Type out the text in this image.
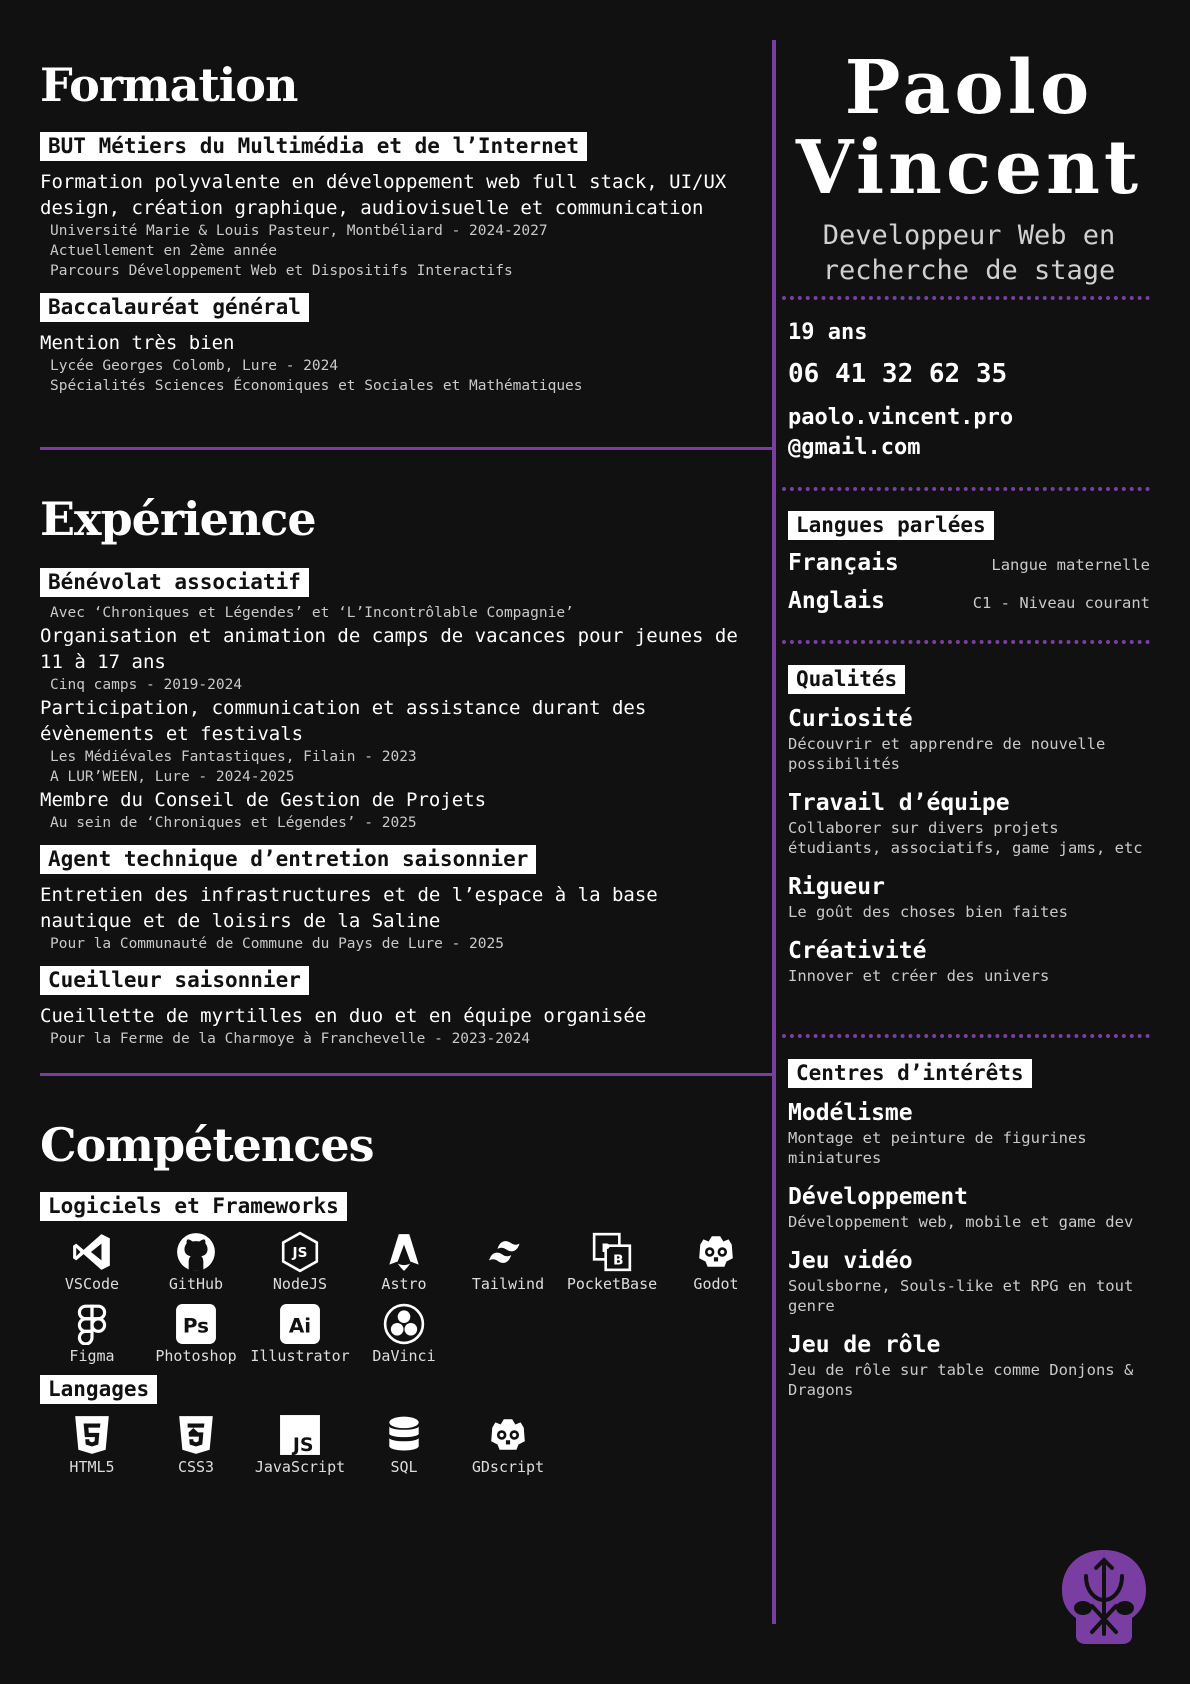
Formation
BUT Métiers du Multimédia et de l’Internet

Formation polyvalente en développement web full stack, UI/UX design, création graphique, audiovisuelle et communication

Université Marie & Louis Pasteur, Montbéliard - 2024-2027

Actuellement en 2ème année

Parcours Développement Web et Dispositifs Interactifs

Baccalauréat général

Mention très bien

Lycée Georges Colomb, Lure - 2024

Spécialités Sciences Économiques et Sociales et Mathématiques

Expérience
Bénévolat associatif

Avec ‘Chroniques et Légendes’ et ‘L’Incontrôlable Compagnie’

Organisation et animation de camps de vacances pour jeunes de 11 à 17 ans

Cinq camps - 2019-2024

Participation, communication et assistance durant des évènements et festivals

Les Médiévales Fantastiques, Filain - 2023

A LUR’WEEN, Lure - 2024-2025

Membre du Conseil de Gestion de Projets

Au sein de ‘Chroniques et Légendes’ - 2025

Agent technique d’entretion saisonnier

Entretien des infrastructures et de l’espace à la base nautique et de loisirs de la Saline

Pour la Communauté de Commune du Pays de Lure - 2025

Cueilleur saisonnier

Cueillette de myrtilles en duo et en équipe organisée

Pour la Ferme de la Charmoye à Franchevelle - 2023-2024

Compétences
Logiciels et Frameworks
VSCode	GitHub
JS
NodeJS	Astro	Tailwind
P
B
PocketBase Godot
Figma
Ps
Photoshop
Ai
Illustrator DaVinci
Langages
HTML5	CSS3
JS
JavaScript	SQL	GDscript
Paolo
Vincent

Developpeur Web en recherche de stage

19 ans

06 41 32 62 35

paolo.vincent.pro

@gmail.com

Langues parlées
Français	Langue maternelle
Anglais	C1 - Niveau courant
Qualités

Curiosité

Découvrir et apprendre de nouvelle possibilités

Travail d’équipe

Collaborer sur divers projets étudiants, associatifs, game jams, etc

Rigueur

Le goût des choses bien faites

Créativité

Innover et créer des univers

Centres d’intérêts

Modélisme

Montage et peinture de figurines miniatures

Développement

Développement web, mobile et game dev

Jeu vidéo

Soulsborne, Souls-like et RPG en tout genre

Jeu de rôle

Jeu de rôle sur table comme Donjons & Dragons
